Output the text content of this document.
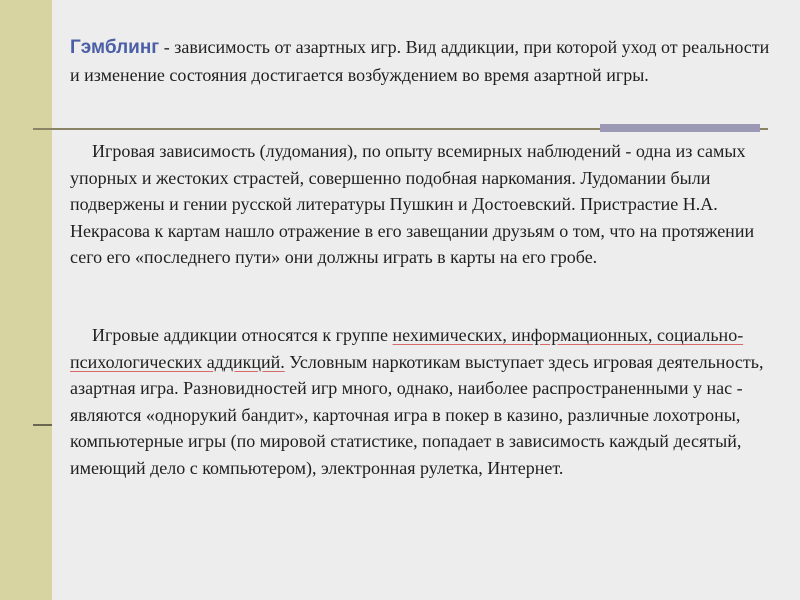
Гэмблинг - зависимость от азартных игр. Вид аддикции, при которой уход от реальности и изменение состояния достигается возбуждением во время азартной игры.
Игровая зависимость (лудомания), по опыту всемирных наблюдений - одна из самых упорных и жестоких страстей, совершенно подобная наркомания. Лудомании были подвержены и гении русской литературы Пушкин и Достоевский. Пристрастие Н.А. Некрасова к картам нашло отражение в его завещании друзьям о том, что на протяжении сего его «последнего пути» они должны играть в карты на его гробе.
Игровые аддикции относятся к группе нехимических, информационных, социально-психологических аддикций. Условным наркотикам выступает здесь игровая деятельность, азартная игра. Разновидностей игр много, однако, наиболее распространенными у нас - являются «однорукий бандит», карточная игра в покер в казино, различные лохотроны, компьютерные игры (по мировой статистике, попадает в зависимость каждый десятый, имеющий дело с компьютером), электронная рулетка, Интернет.
